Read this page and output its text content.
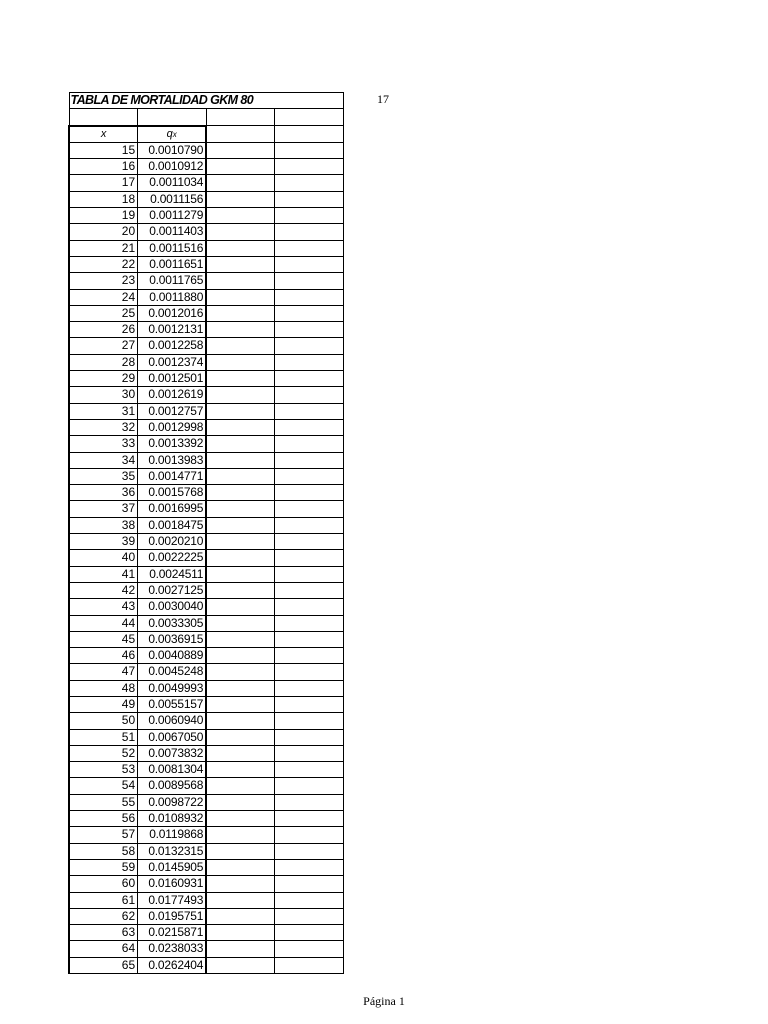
17
TABLA DE MORTALIDAD GKM 80			

x	qx		
15	0.0010790		
16	0.0010912		
17	0.0011034		
18	0.0011156		
19	0.0011279		
20	0.0011403		
21	0.0011516		
22	0.0011651		
23	0.0011765		
24	0.0011880		
25	0.0012016		
26	0.0012131		
27	0.0012258		
28	0.0012374		
29	0.0012501		
30	0.0012619		
31	0.0012757		
32	0.0012998		
33	0.0013392		
34	0.0013983		
35	0.0014771		
36	0.0015768		
37	0.0016995		
38	0.0018475		
39	0.0020210		
40	0.0022225		
41	0.0024511		
42	0.0027125		
43	0.0030040		
44	0.0033305		
45	0.0036915		
46	0.0040889		
47	0.0045248		
48	0.0049993		
49	0.0055157		
50	0.0060940		
51	0.0067050		
52	0.0073832		
53	0.0081304		
54	0.0089568		
55	0.0098722		
56	0.0108932		
57	0.0119868		
58	0.0132315		
59	0.0145905		
60	0.0160931		
61	0.0177493		
62	0.0195751		
63	0.0215871		
64	0.0238033		
65	0.0262404		
Página 1
